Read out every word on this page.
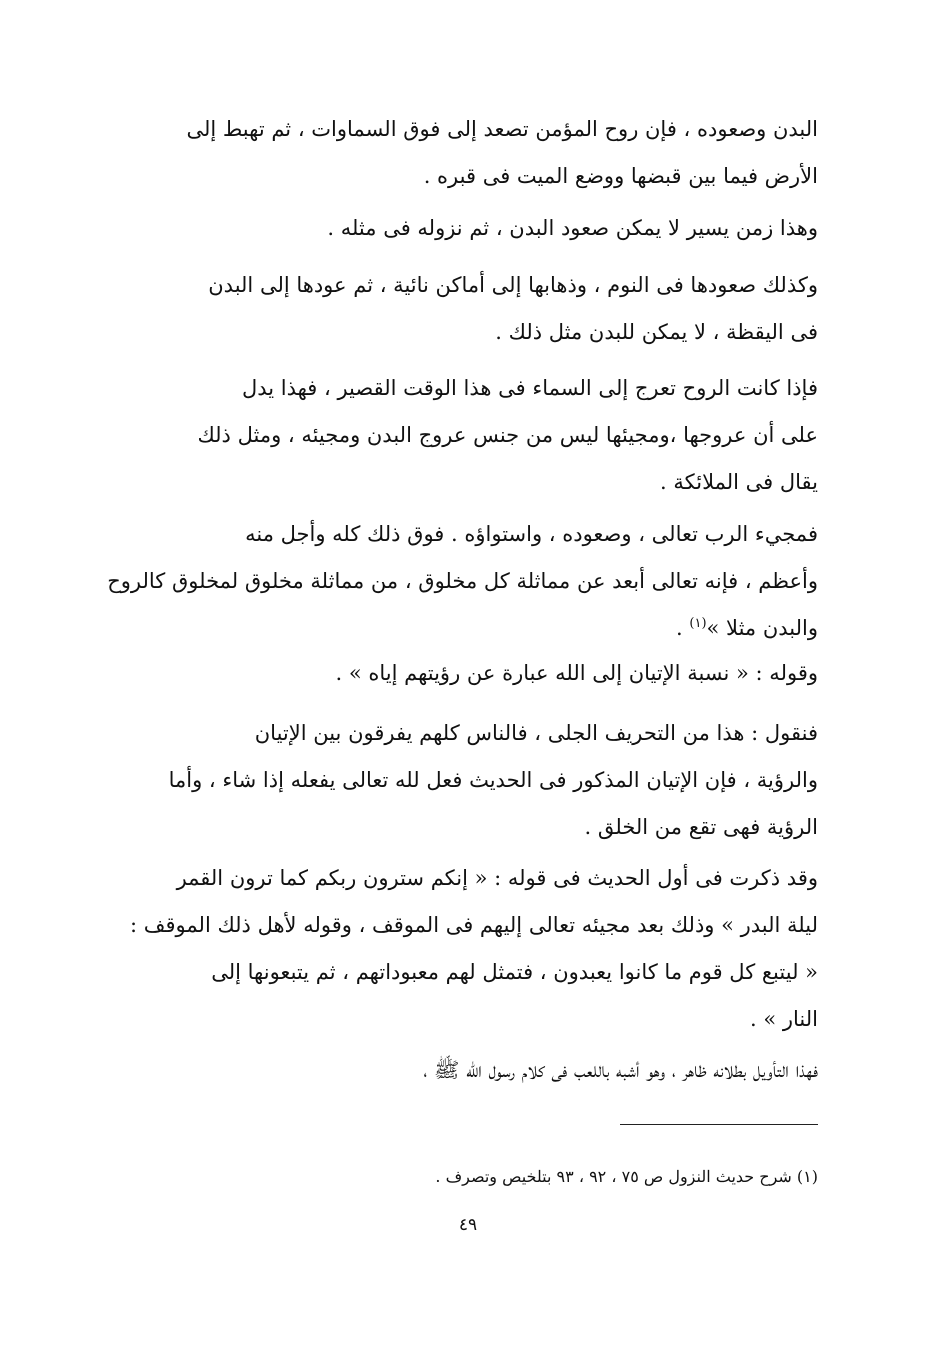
البدن وصعوده ، فإن روح المؤمن تصعد إلى فوق السماوات ، ثم تهبط إلى
الأرض فيما بين قبضها ووضع الميت فى قبره .

وهذا زمن يسير لا يمكن صعود البدن ، ثم نزوله فى مثله .

وكذلك صعودها فى النوم ، وذهابها إلى أماكن نائية ، ثم عودها إلى البدن
فى اليقظة ، لا يمكن للبدن مثل ذلك .

فإذا كانت الروح تعرج إلى السماء فى هذا الوقت القصير ، فهذا يدل
على أن عروجها ،ومجيئها ليس من جنس عروج البدن ومجيئه ، ومثل ذلك
يقال فى الملائكة .

فمجيء الرب تعالى ، وصعوده ، واستواؤه . فوق ذلك كله وأجل منه
وأعظم ، فإنه تعالى أبعد عن مماثلة كل مخلوق ، من مماثلة مخلوق لمخلوق كالروح
والبدن مثلا »$^{(١)}$ .

وقوله : « نسبة الإتيان إلى الله عبارة عن رؤيتهم إياه » .

فنقول : هذا من التحريف الجلى ، فالناس كلهم يفرقون بين الإتيان
والرؤية ، فإن الإتيان المذكور فى الحديث فعل لله تعالى يفعله إذا شاء ، وأما
الرؤية فهى تقع من الخلق .

وقد ذكرت فى أول الحديث فى قوله : « إنكم سترون ربكم كما ترون القمر
ليلة البدر » وذلك بعد مجيئه تعالى إليهم فى الموقف ، وقوله لأهل ذلك الموقف :
« ليتبع كل قوم ما كانوا يعبدون ، فتمثل لهم معبوداتهم ، ثم يتبعونها إلى
النار » .

فهذا التأويل بطلانه ظاهر ، وهو أشبه باللعب فى كلام رسول الله ﷺ ،

(١) شرح حديث النزول ص ٧٥ ، ٩٢ ، ٩٣ بتلخيص وتصرف .

٤٩
